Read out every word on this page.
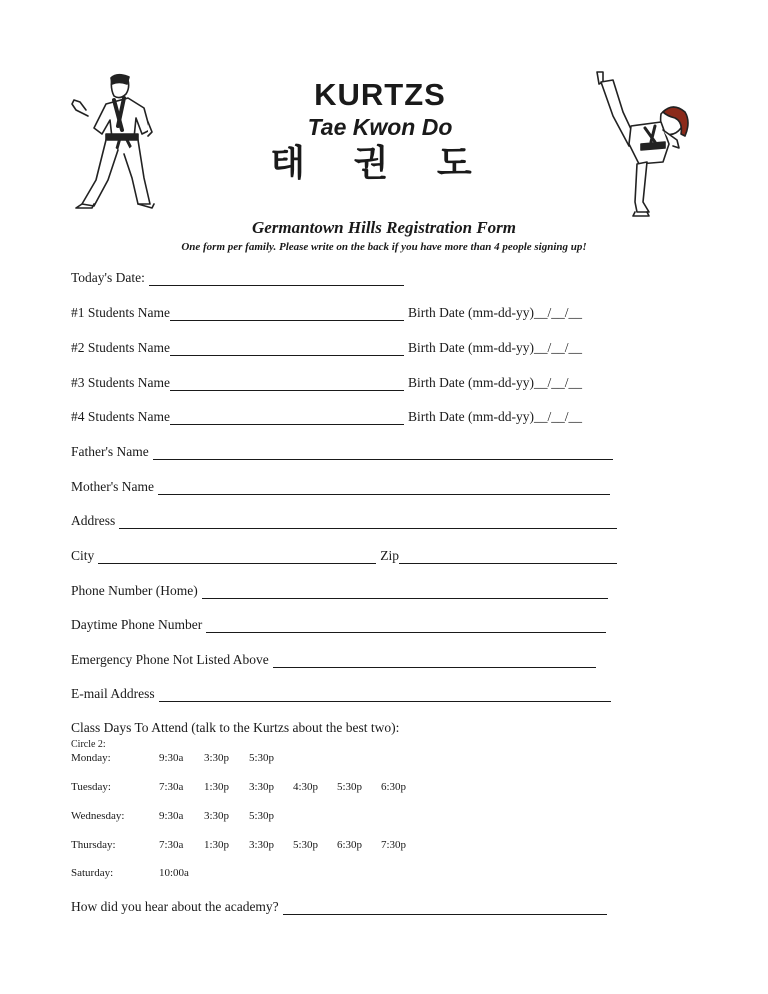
KURTZS
Tae Kwon Do
태 권 도
Germantown Hills Registration Form
One form per family. Please write on the back if you have more than 4 people signing up!
Today's Date:
#1 Students Name	Birth Date (mm-dd-yy) __/__/__
#2 Students Name	Birth Date (mm-dd-yy) __/__/__
#3 Students Name	Birth Date (mm-dd-yy) __/__/__
#4 Students Name	Birth Date (mm-dd-yy) __/__/__
Father's Name
Mother's Name
Address
City	Zip
Phone Number (Home)
Daytime Phone Number
Emergency Phone Not Listed Above
E-mail Address
Class Days To Attend (talk to the Kurtzs about the best two):
Circle 2:
Monday:	9:30a 3:30p 5:30p
Tuesday:	7:30a 1:30p 3:30p 4:30p 5:30p 6:30p
Wednesday:	9:30a 3:30p 5:30p
Thursday:	7:30a 1:30p 3:30p 5:30p 6:30p 7:30p
Saturday:	10:00a
How did you hear about the academy?
